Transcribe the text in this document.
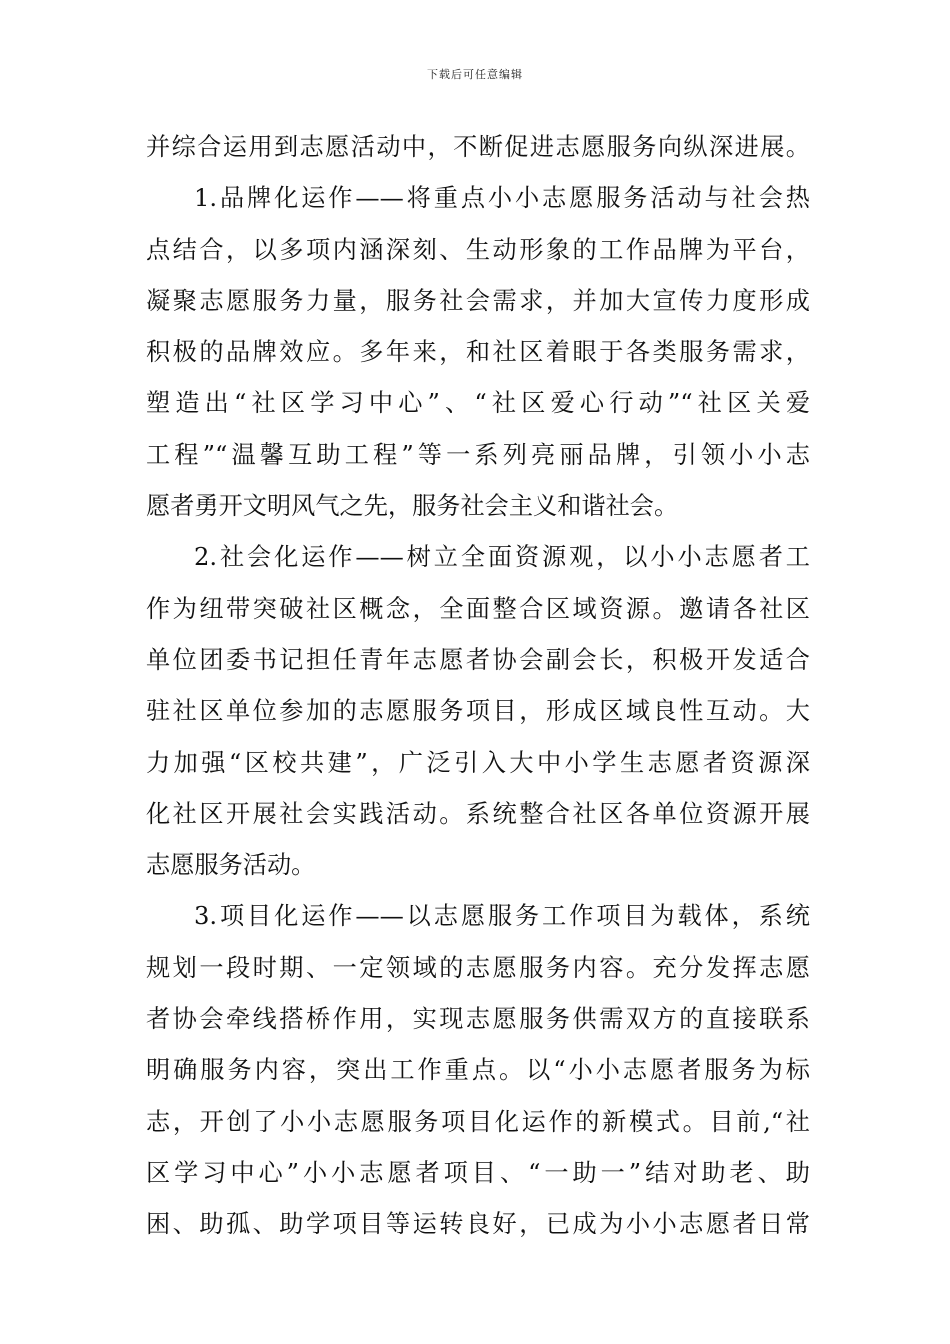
下载后可任意编辑
并综合运用到志愿活动中，不断促进志愿服务向纵深进展。
1.品牌化运作——将重点小小志愿服务活动与社会热
点结合，以多项内涵深刻、生动形象的工作品牌为平台，
凝聚志愿服务力量，服务社会需求，并加大宣传力度形成
积极的品牌效应。多年来，和社区着眼于各类服务需求，
塑造出“社区学习中心”、“社区爱心行动”“社区关爱
工程”“温馨互助工程”等一系列亮丽品牌，引领小小志
愿者勇开文明风气之先，服务社会主义和谐社会。
2.社会化运作——树立全面资源观，以小小志愿者工
作为纽带突破社区概念，全面整合区域资源。邀请各社区
单位团委书记担任青年志愿者协会副会长，积极开发适合
驻社区单位参加的志愿服务项目，形成区域良性互动。大
力加强“区校共建”，广泛引入大中小学生志愿者资源深
化社区开展社会实践活动。系统整合社区各单位资源开展
志愿服务活动。
3.项目化运作——以志愿服务工作项目为载体，系统
规划一段时期、一定领域的志愿服务内容。充分发挥志愿
者协会牵线搭桥作用，实现志愿服务供需双方的直接联系
明确服务内容，突出工作重点。以“小小志愿者服务为标
志，开创了小小志愿服务项目化运作的新模式。目前,“社
区学习中心”小小志愿者项目、“一助一”结对助老、助
困、助孤、助学项目等运转良好，已成为小小志愿者日常
